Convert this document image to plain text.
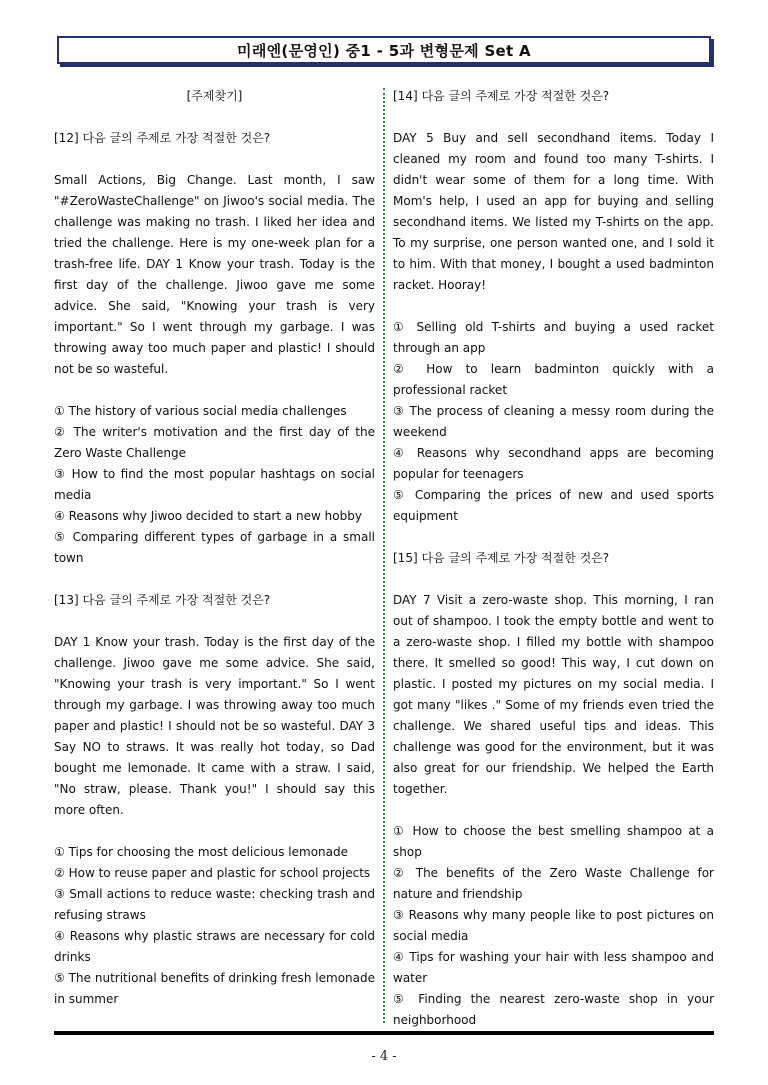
미래엔(문영인) 중1 - 5과 변형문제 Set A

[주제찾기]

[12] 다음 글의 주제로 가장 적절한 것은?

Small Actions, Big Change. Last month, I saw "#ZeroWasteChallenge" on Jiwoo's social media. The challenge was making no trash. I liked her idea and tried the challenge. Here is my one-week plan for a trash-free life. DAY 1 Know your trash. Today is the first day of the challenge. Jiwoo gave me some advice. She said, "Knowing your trash is very important." So I went through my garbage. I was throwing away too much paper and plastic! I should not be so wasteful.

① The history of various social media challenges

② The writer's motivation and the first day of the Zero Waste Challenge

③ How to find the most popular hashtags on social media

④ Reasons why Jiwoo decided to start a new hobby

⑤ Comparing different types of garbage in a small town

[13] 다음 글의 주제로 가장 적절한 것은?

DAY 1 Know your trash. Today is the first day of the challenge. Jiwoo gave me some advice. She said, "Knowing your trash is very important." So I went through my garbage. I was throwing away too much paper and plastic! I should not be so wasteful. DAY 3 Say NO to straws. It was really hot today, so Dad bought me lemonade. It came with a straw. I said, "No straw, please. Thank you!" I should say this more often.

① Tips for choosing the most delicious lemonade

② How to reuse paper and plastic for school projects

③ Small actions to reduce waste: checking trash and refusing straws

④ Reasons why plastic straws are necessary for cold drinks

⑤ The nutritional benefits of drinking fresh lemonade in summer

[14] 다음 글의 주제로 가장 적절한 것은?

DAY 5 Buy and sell secondhand items. Today I cleaned my room and found too many T-shirts. I didn't wear some of them for a long time. With Mom's help, I used an app for buying and selling secondhand items. We listed my T-shirts on the app. To my surprise, one person wanted one, and I sold it to him. With that money, I bought a used badminton racket. Hooray!

① Selling old T-shirts and buying a used racket through an app

② How to learn badminton quickly with a professional racket

③ The process of cleaning a messy room during the weekend

④ Reasons why secondhand apps are becoming popular for teenagers

⑤ Comparing the prices of new and used sports equipment

[15] 다음 글의 주제로 가장 적절한 것은?

DAY 7 Visit a zero-waste shop. This morning, I ran out of shampoo. I took the empty bottle and went to a zero-waste shop. I filled my bottle with shampoo there. It smelled so good! This way, I cut down on plastic. I posted my pictures on my social media. I got many "likes ." Some of my friends even tried the challenge. We shared useful tips and ideas. This challenge was good for the environment, but it was also great for our friendship. We helped the Earth together.

① How to choose the best smelling shampoo at a shop

② The benefits of the Zero Waste Challenge for nature and friendship

③ Reasons why many people like to post pictures on social media

④ Tips for washing your hair with less shampoo and water

⑤ Finding the nearest zero-waste shop in your neighborhood

- 4 -
